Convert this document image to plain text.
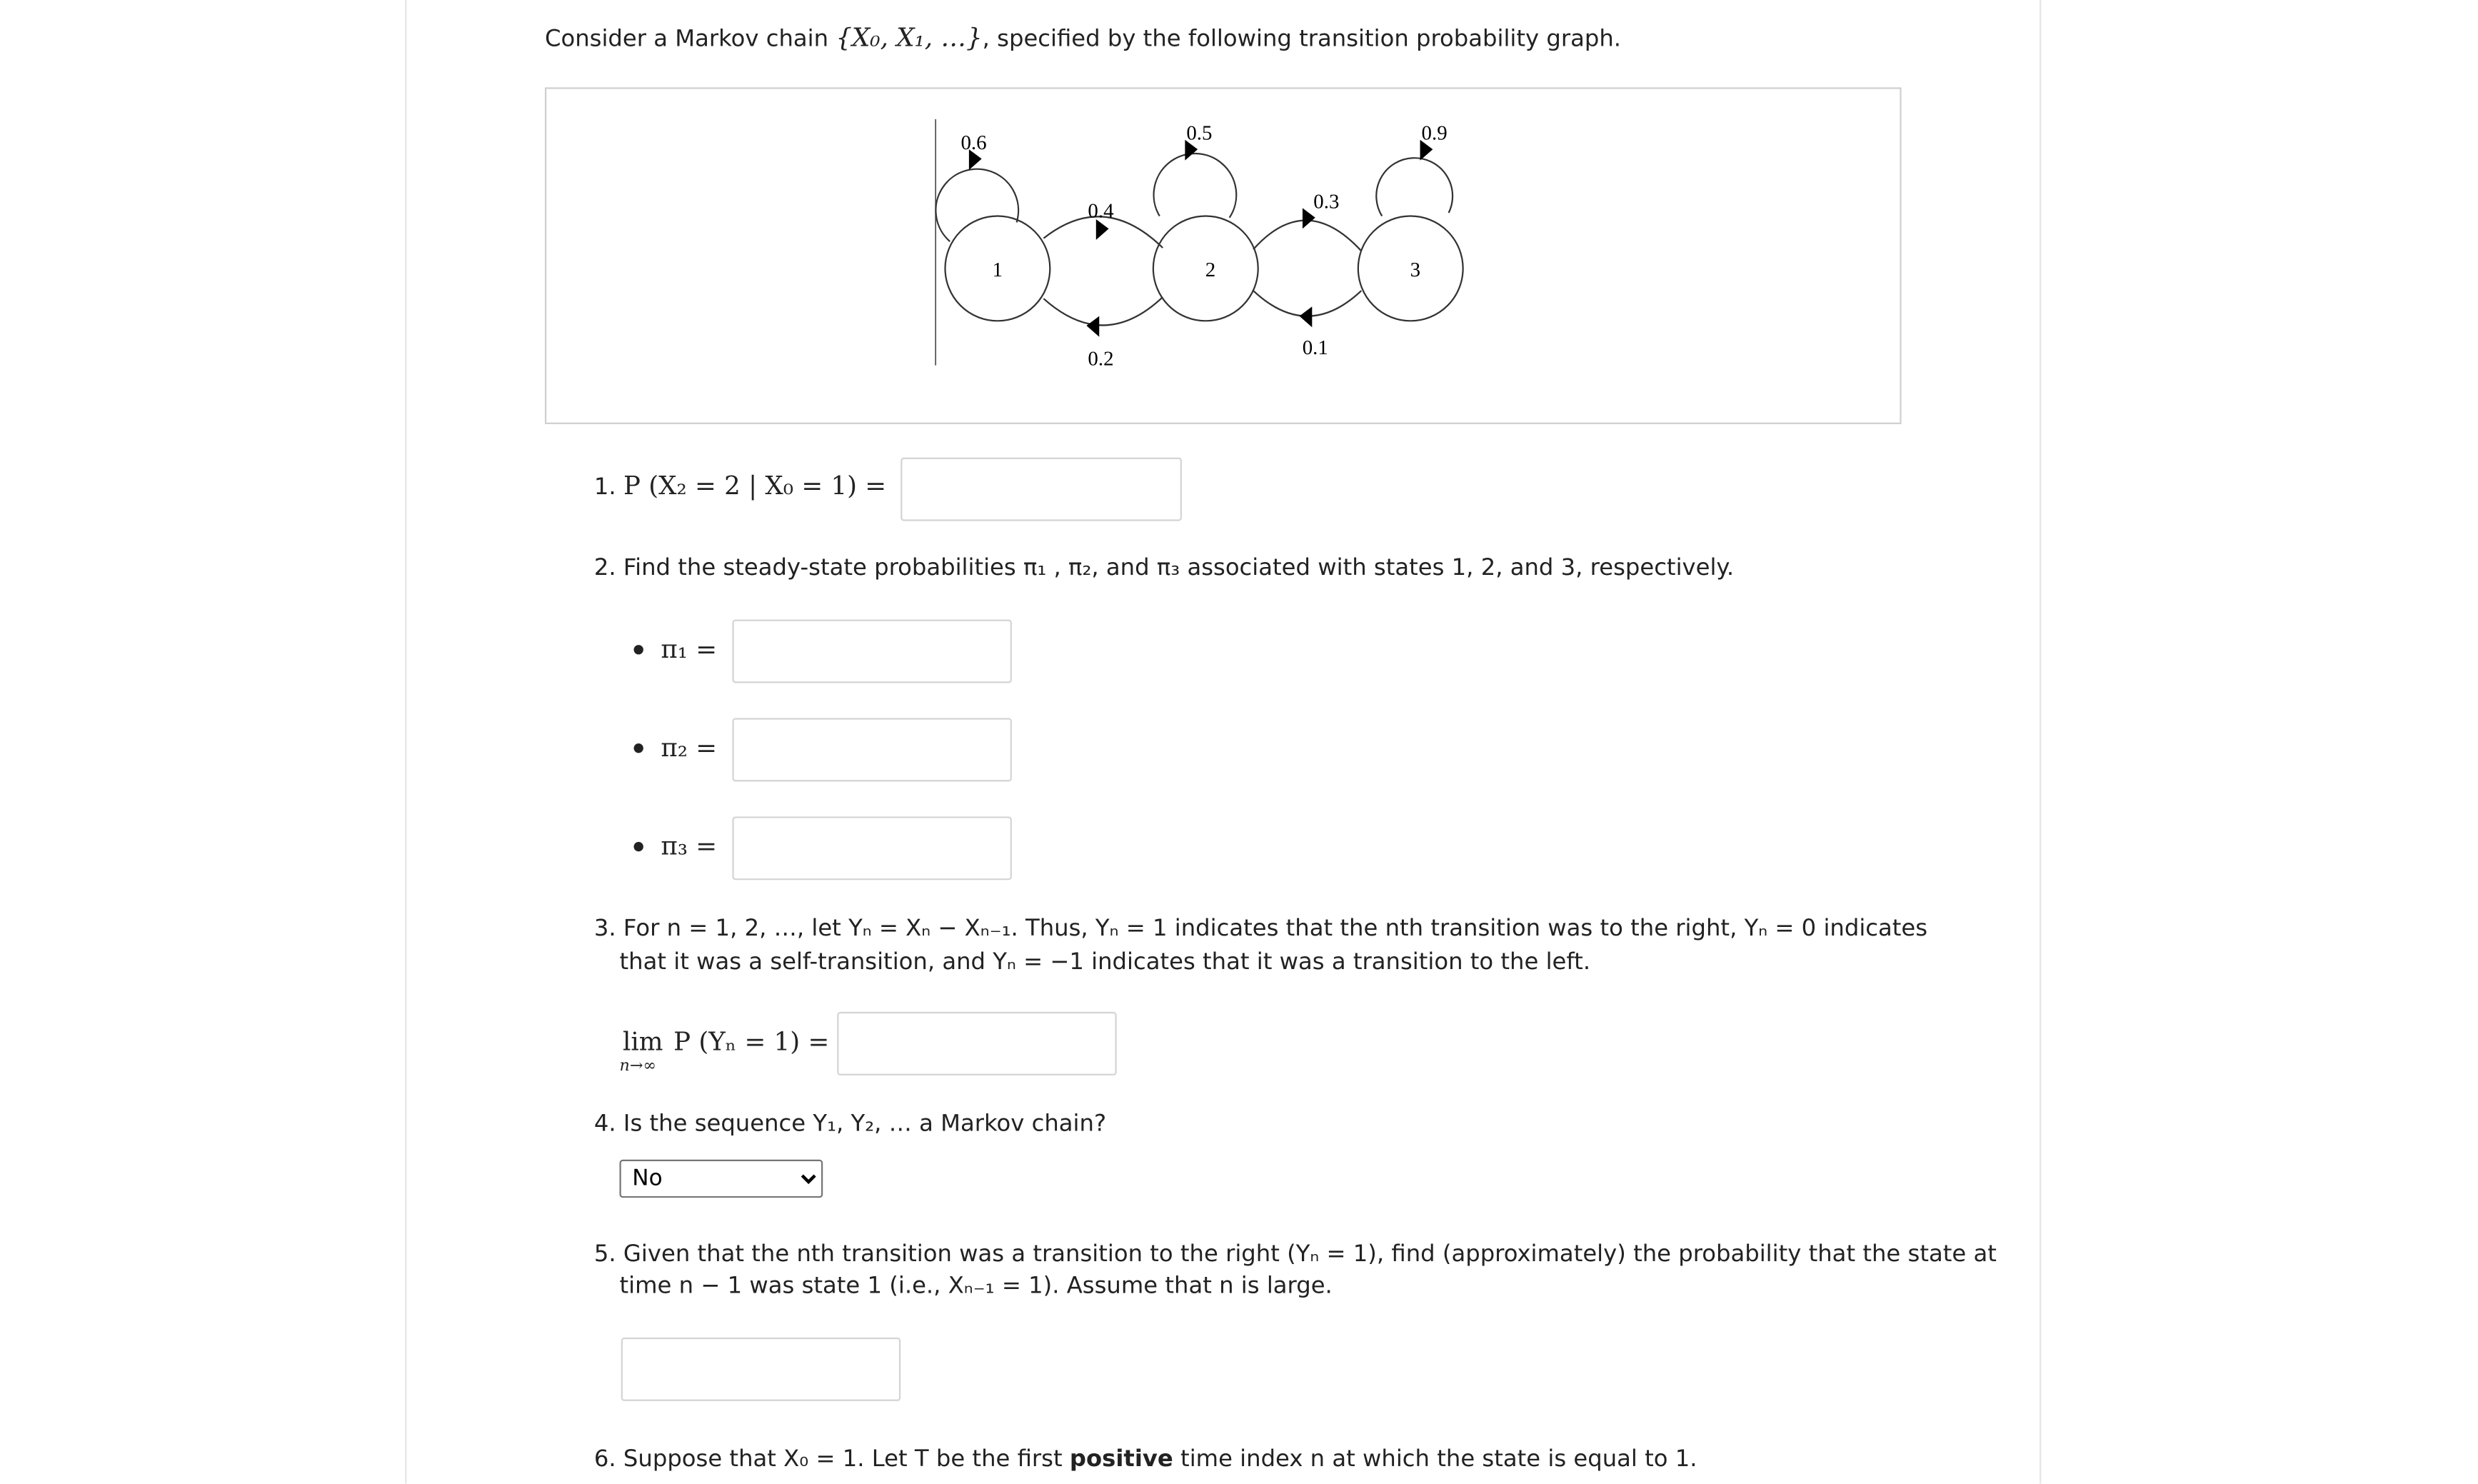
Consider a Markov chain {X₀, X₁, …}, specified by the following transition probability graph.
1	2	3
0.6	0.5	0.9
0.4	0.3
0.2	0.1
1. P (X₂ = 2 | X₀ = 1) =
2. Find the steady-state probabilities π₁ , π₂, and π₃ associated with states 1, 2, and 3, respectively.
π₁ =
π₂ =
π₃ =
3. For n = 1, 2, …, let Yₙ = Xₙ − Xₙ₋₁. Thus, Yₙ = 1 indicates that the nth transition was to the right, Yₙ = 0 indicates
that it was a self-transition, and Yₙ = −1 indicates that it was a transition to the left.
lim
n→∞
P (Yₙ = 1) =
4. Is the sequence Y₁, Y₂, … a Markov chain?
No
5. Given that the nth transition was a transition to the right (Yₙ = 1), find (approximately) the probability that the state at
time n − 1 was state 1 (i.e., Xₙ₋₁ = 1). Assume that n is large.
6. Suppose that X₀ = 1. Let T be the first positive time index n at which the state is equal to 1.
